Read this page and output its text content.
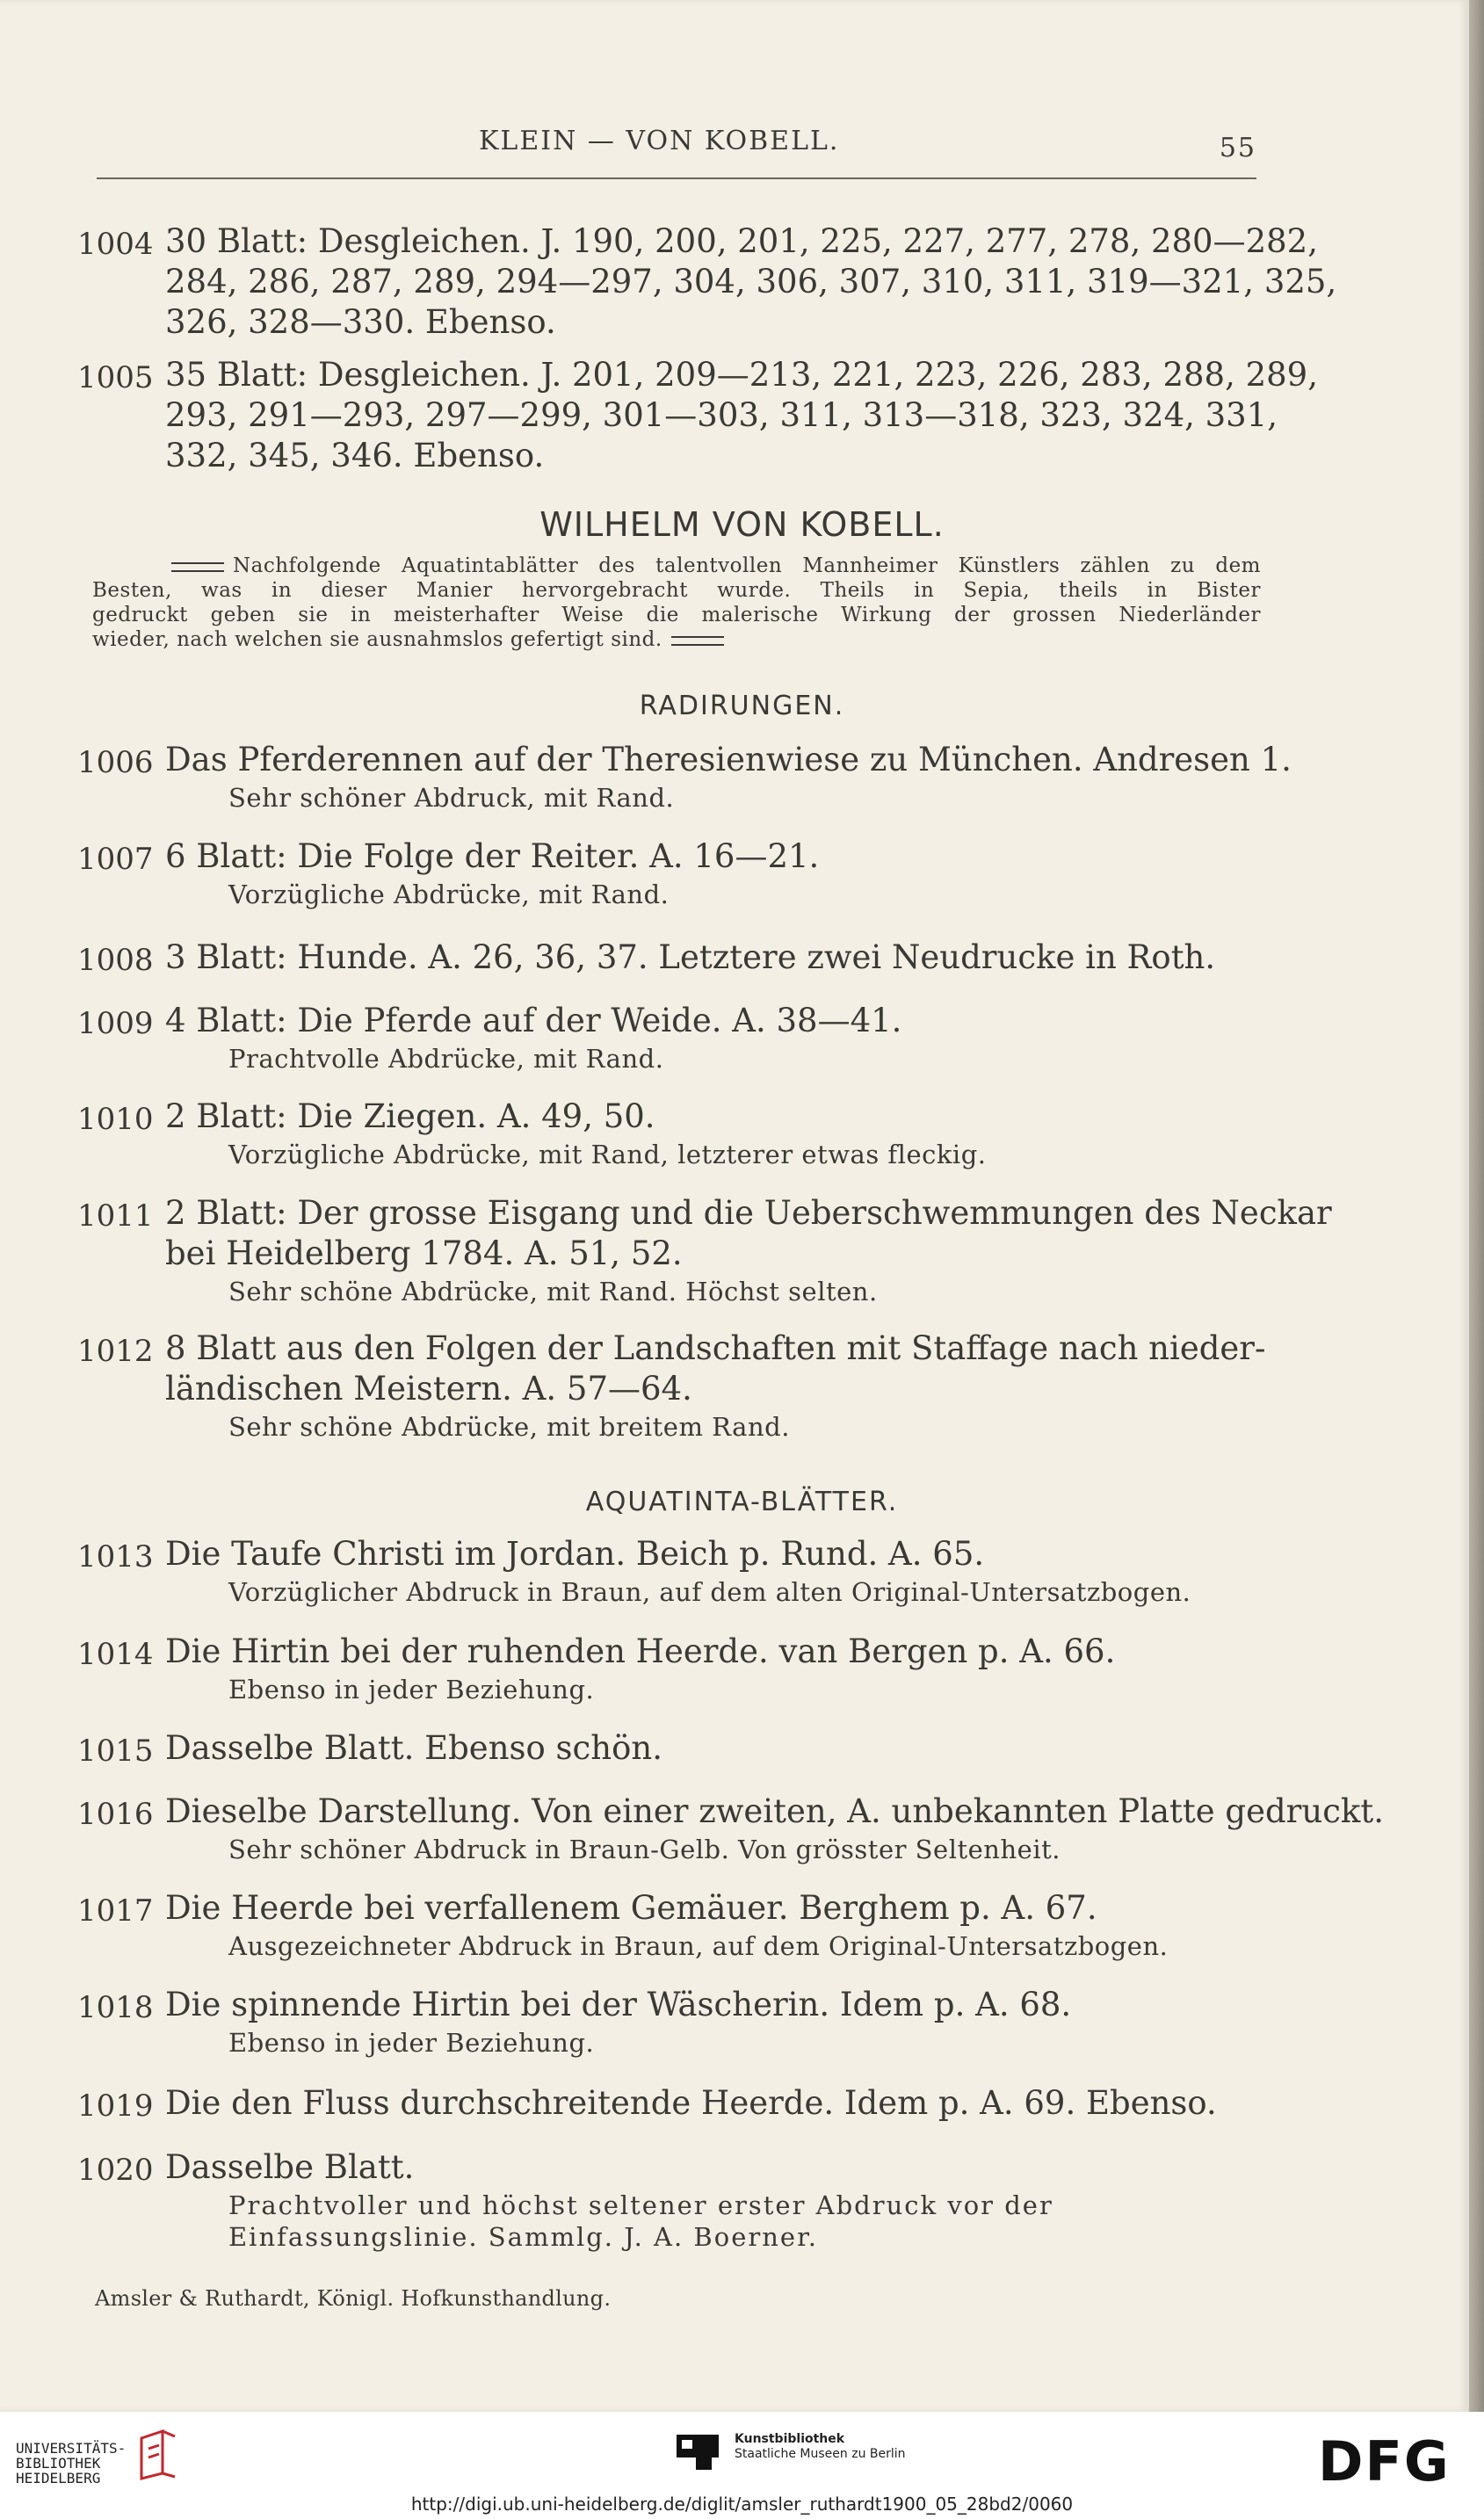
KLEIN — VON KOBELL.	55
1004 30 Blatt: Desgleichen. J. 190, 200, 201, 225, 227, 277, 278, 280—282,
284, 286, 287, 289, 294—297, 304, 306, 307, 310, 311, 319—321, 325,
326, 328—330. Ebenso.
1005 35 Blatt: Desgleichen. J. 201, 209—213, 221, 223, 226, 283, 288, 289,
293, 291—293, 297—299, 301—303, 311, 313—318, 323, 324, 331,
332, 345, 346. Ebenso.
WILHELM VON KOBELL.
Nachfolgende Aquatintablätter des talentvollen Mannheimer Künstlers zählen zu dem
Besten, was in dieser Manier hervorgebracht wurde. Theils in Sepia, theils in Bister
gedruckt geben sie in meisterhafter Weise die malerische Wirkung der grossen Niederländer
wieder, nach welchen sie ausnahmslos gefertigt sind.
RADIRUNGEN.
1006 Das Pferderennen auf der Theresienwiese zu München. Andresen 1.
Sehr schöner Abdruck, mit Rand.
1007 6 Blatt: Die Folge der Reiter. A. 16—21.
Vorzügliche Abdrücke, mit Rand.
1008 3 Blatt: Hunde. A. 26, 36, 37. Letztere zwei Neudrucke in Roth.
1009 4 Blatt: Die Pferde auf der Weide. A. 38—41.
Prachtvolle Abdrücke, mit Rand.
1010 2 Blatt: Die Ziegen. A. 49, 50.
Vorzügliche Abdrücke, mit Rand, letzterer etwas fleckig.
1011 2 Blatt: Der grosse Eisgang und die Ueberschwemmungen des Neckar
bei Heidelberg 1784. A. 51, 52.
Sehr schöne Abdrücke, mit Rand. Höchst selten.
1012 8 Blatt aus den Folgen der Landschaften mit Staffage nach nieder-
ländischen Meistern. A. 57—64.
Sehr schöne Abdrücke, mit breitem Rand.
AQUATINTA-BLÄTTER.
1013 Die Taufe Christi im Jordan. Beich p. Rund. A. 65.
Vorzüglicher Abdruck in Braun, auf dem alten Original-Untersatzbogen.
1014 Die Hirtin bei der ruhenden Heerde. van Bergen p. A. 66.
Ebenso in jeder Beziehung.
1015 Dasselbe Blatt. Ebenso schön.
1016 Dieselbe Darstellung. Von einer zweiten, A. unbekannten Platte gedruckt.
Sehr schöner Abdruck in Braun-Gelb. Von grösster Seltenheit.
1017 Die Heerde bei verfallenem Gemäuer. Berghem p. A. 67.
Ausgezeichneter Abdruck in Braun, auf dem Original-Untersatzbogen.
1018 Die spinnende Hirtin bei der Wäscherin. Idem p. A. 68.
Ebenso in jeder Beziehung.
1019 Die den Fluss durchschreitende Heerde. Idem p. A. 69. Ebenso.
1020 Dasselbe Blatt.
Prachtvoller und höchst seltener erster Abdruck vor der
Einfassungslinie. Sammlg. J. A. Boerner.
Amsler & Ruthardt, Königl. Hofkunsthandlung.
UNIVERSITÄTS-
BIBLIOTHEK
HEIDELBERG
Kunstbibliothek
Staatliche Museen zu Berlin	DFG
http://digi.ub.uni-heidelberg.de/diglit/amsler_ruthardt1900_05_28bd2/0060
